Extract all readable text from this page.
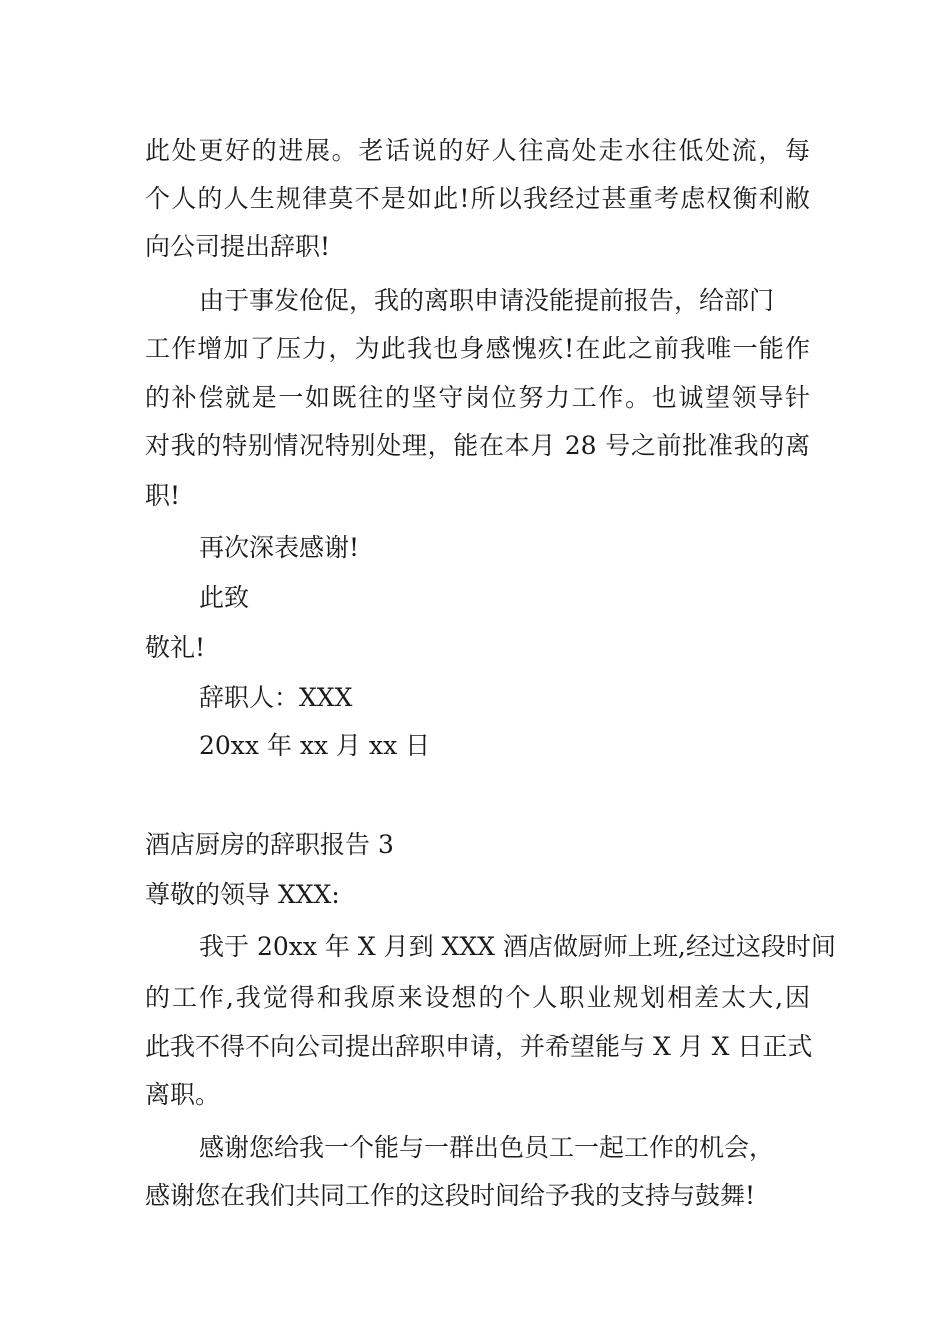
此处更好的进展。老话说的好人往高处走水往低处流，每
个人的人生规律莫不是如此!所以我经过甚重考虑权衡利敝
向公司提出辞职!
由于事发伧促，我的离职申请没能提前报告，给部门
工作增加了压力，为此我也身感愧疚!在此之前我唯一能作
的补偿就是一如既往的坚守岗位努力工作。也诚望领导针
对我的特别情况特别处理，能在本月 28 号之前批准我的离
职!
再次深表感谢!
此致
敬礼!
辞职人：XXX
20xx 年 xx 月 xx 日
酒店厨房的辞职报告 3
尊敬的领导 XXX:
我于 20xx 年 X 月到 XXX 酒店做厨师上班,经过这段时间
的工作,我觉得和我原来设想的个人职业规划相差太大,因
此我不得不向公司提出辞职申请，并希望能与 X 月 X 日正式
离职。
感谢您给我一个能与一群出色员工一起工作的机会，
感谢您在我们共同工作的这段时间给予我的支持与鼓舞!
